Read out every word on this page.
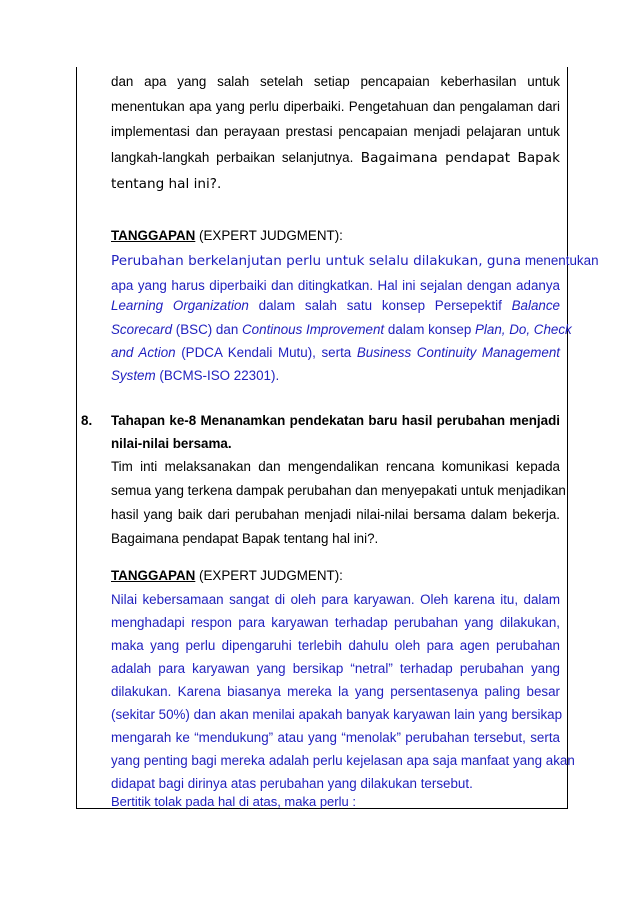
dan apa yang salah setelah setiap pencapaian keberhasilan untuk
menentukan apa yang perlu diperbaiki. Pengetahuan dan pengalaman dari
implementasi dan perayaan prestasi pencapaian menjadi pelajaran untuk
langkah-langkah perbaikan selanjutnya. Bagaimana pendapat Bapak
tentang hal ini?.
TANGGAPAN (EXPERT JUDGMENT):
Perubahan berkelanjutan perlu untuk selalu dilakukan, guna menentukan
apa yang harus diperbaiki dan ditingkatkan. Hal ini sejalan dengan adanya
Learning Organization dalam salah satu konsep Persepektif Balance
Scorecard (BSC) dan Continous Improvement dalam konsep Plan, Do, Check
and Action (PDCA Kendali Mutu), serta Business Continuity Management
System (BCMS-ISO 22301).
8. Tahapan ke-8 Menanamkan pendekatan baru hasil perubahan menjadi
nilai-nilai bersama.
Tim inti melaksanakan dan mengendalikan rencana komunikasi kepada
semua yang terkena dampak perubahan dan menyepakati untuk menjadikan
hasil yang baik dari perubahan menjadi nilai-nilai bersama dalam bekerja.
Bagaimana pendapat Bapak tentang hal ini?.
TANGGAPAN (EXPERT JUDGMENT):
Nilai kebersamaan sangat di oleh para karyawan. Oleh karena itu, dalam
menghadapi respon para karyawan terhadap perubahan yang dilakukan,
maka yang perlu dipengaruhi terlebih dahulu oleh para agen perubahan
adalah para karyawan yang bersikap “netral” terhadap perubahan yang
dilakukan. Karena biasanya mereka la yang persentasenya paling besar
(sekitar 50%) dan akan menilai apakah banyak karyawan lain yang bersikap
mengarah ke “mendukung” atau yang “menolak” perubahan tersebut, serta
yang penting bagi mereka adalah perlu kejelasan apa saja manfaat yang akan
didapat bagi dirinya atas perubahan yang dilakukan tersebut.
Bertitik tolak pada hal di atas, maka perlu :
